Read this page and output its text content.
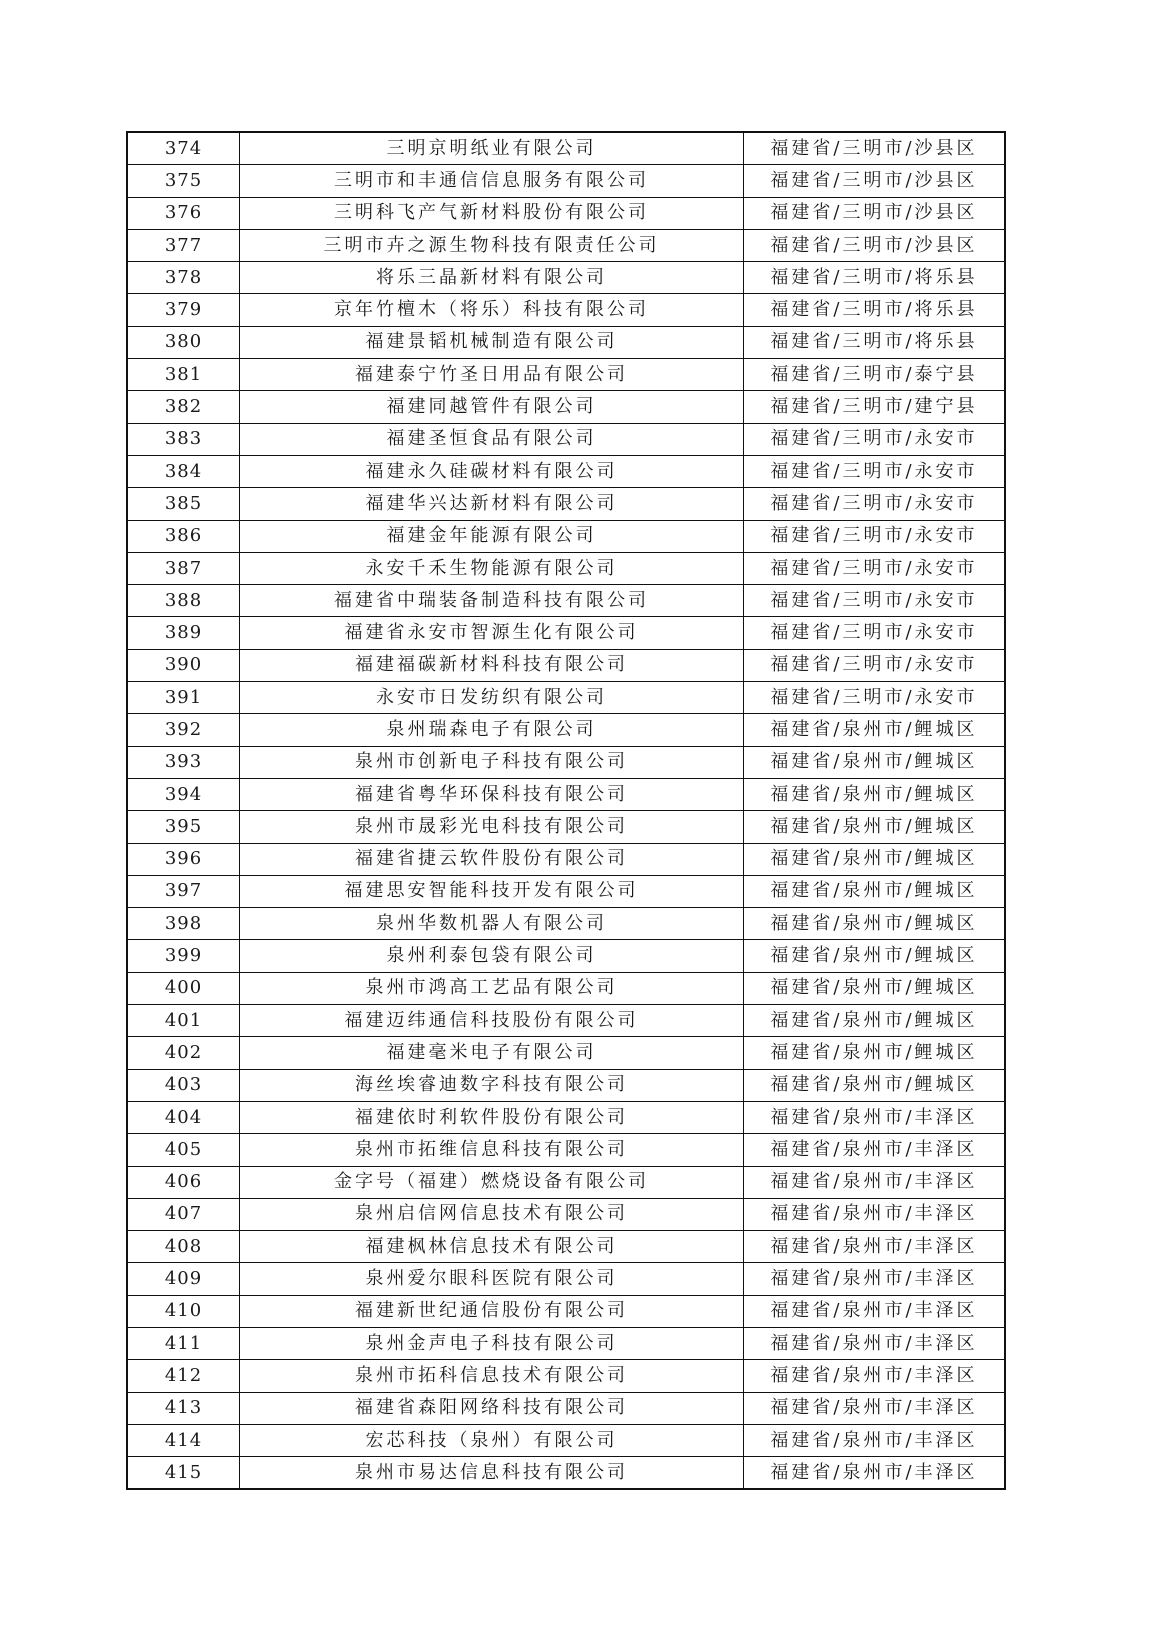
374	三明京明纸业有限公司	福建省/三明市/沙县区
375	三明市和丰通信信息服务有限公司	福建省/三明市/沙县区
376	三明科飞产气新材料股份有限公司	福建省/三明市/沙县区
377	三明市卉之源生物科技有限责任公司	福建省/三明市/沙县区
378	将乐三晶新材料有限公司	福建省/三明市/将乐县
379	京年竹檀木（将乐）科技有限公司	福建省/三明市/将乐县
380	福建景韬机械制造有限公司	福建省/三明市/将乐县
381	福建泰宁竹圣日用品有限公司	福建省/三明市/泰宁县
382	福建同越管件有限公司	福建省/三明市/建宁县
383	福建圣恒食品有限公司	福建省/三明市/永安市
384	福建永久硅碳材料有限公司	福建省/三明市/永安市
385	福建华兴达新材料有限公司	福建省/三明市/永安市
386	福建金年能源有限公司	福建省/三明市/永安市
387	永安千禾生物能源有限公司	福建省/三明市/永安市
388	福建省中瑞装备制造科技有限公司	福建省/三明市/永安市
389	福建省永安市智源生化有限公司	福建省/三明市/永安市
390	福建福碳新材料科技有限公司	福建省/三明市/永安市
391	永安市日发纺织有限公司	福建省/三明市/永安市
392	泉州瑞森电子有限公司	福建省/泉州市/鲤城区
393	泉州市创新电子科技有限公司	福建省/泉州市/鲤城区
394	福建省粤华环保科技有限公司	福建省/泉州市/鲤城区
395	泉州市晟彩光电科技有限公司	福建省/泉州市/鲤城区
396	福建省捷云软件股份有限公司	福建省/泉州市/鲤城区
397	福建思安智能科技开发有限公司	福建省/泉州市/鲤城区
398	泉州华数机器人有限公司	福建省/泉州市/鲤城区
399	泉州利泰包袋有限公司	福建省/泉州市/鲤城区
400	泉州市鸿高工艺品有限公司	福建省/泉州市/鲤城区
401	福建迈纬通信科技股份有限公司	福建省/泉州市/鲤城区
402	福建毫米电子有限公司	福建省/泉州市/鲤城区
403	海丝埃睿迪数字科技有限公司	福建省/泉州市/鲤城区
404	福建依时利软件股份有限公司	福建省/泉州市/丰泽区
405	泉州市拓维信息科技有限公司	福建省/泉州市/丰泽区
406	金字号（福建）燃烧设备有限公司	福建省/泉州市/丰泽区
407	泉州启信网信息技术有限公司	福建省/泉州市/丰泽区
408	福建枫林信息技术有限公司	福建省/泉州市/丰泽区
409	泉州爱尔眼科医院有限公司	福建省/泉州市/丰泽区
410	福建新世纪通信股份有限公司	福建省/泉州市/丰泽区
411	泉州金声电子科技有限公司	福建省/泉州市/丰泽区
412	泉州市拓科信息技术有限公司	福建省/泉州市/丰泽区
413	福建省森阳网络科技有限公司	福建省/泉州市/丰泽区
414	宏芯科技（泉州）有限公司	福建省/泉州市/丰泽区
415	泉州市易达信息科技有限公司	福建省/泉州市/丰泽区
